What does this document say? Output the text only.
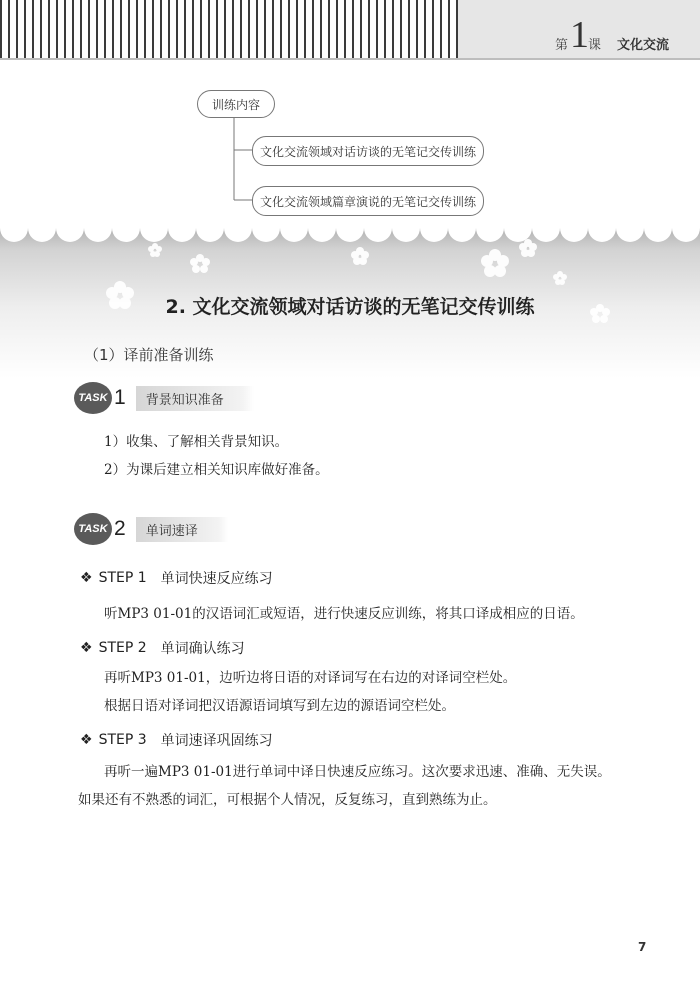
第 1 课 文化交流
训练内容
文化交流领域对话访谈的无笔记交传训练
文化交流领域篇章演说的无笔记交传训练
2. 文化交流领域对话访谈的无笔记交传训练
（1）译前准备训练
TASK 1	背景知识准备
1）收集、了解相关背景知识。
2）为课后建立相关知识库做好准备。
TASK 2	单词速译
❖ STEP 1 单词快速反应练习
听MP3 01-01的汉语词汇或短语，进行快速反应训练，将其口译成相应的日语。
❖ STEP 2 单词确认练习
再听MP3 01-01，边听边将日语的对译词写在右边的对译词空栏处。
根据日语对译词把汉语源语词填写到左边的源语词空栏处。
❖ STEP 3 单词速译巩固练习
再听一遍MP3 01-01进行单词中译日快速反应练习。这次要求迅速、准确、无失误。
如果还有不熟悉的词汇，可根据个人情况，反复练习，直到熟练为止。
7
